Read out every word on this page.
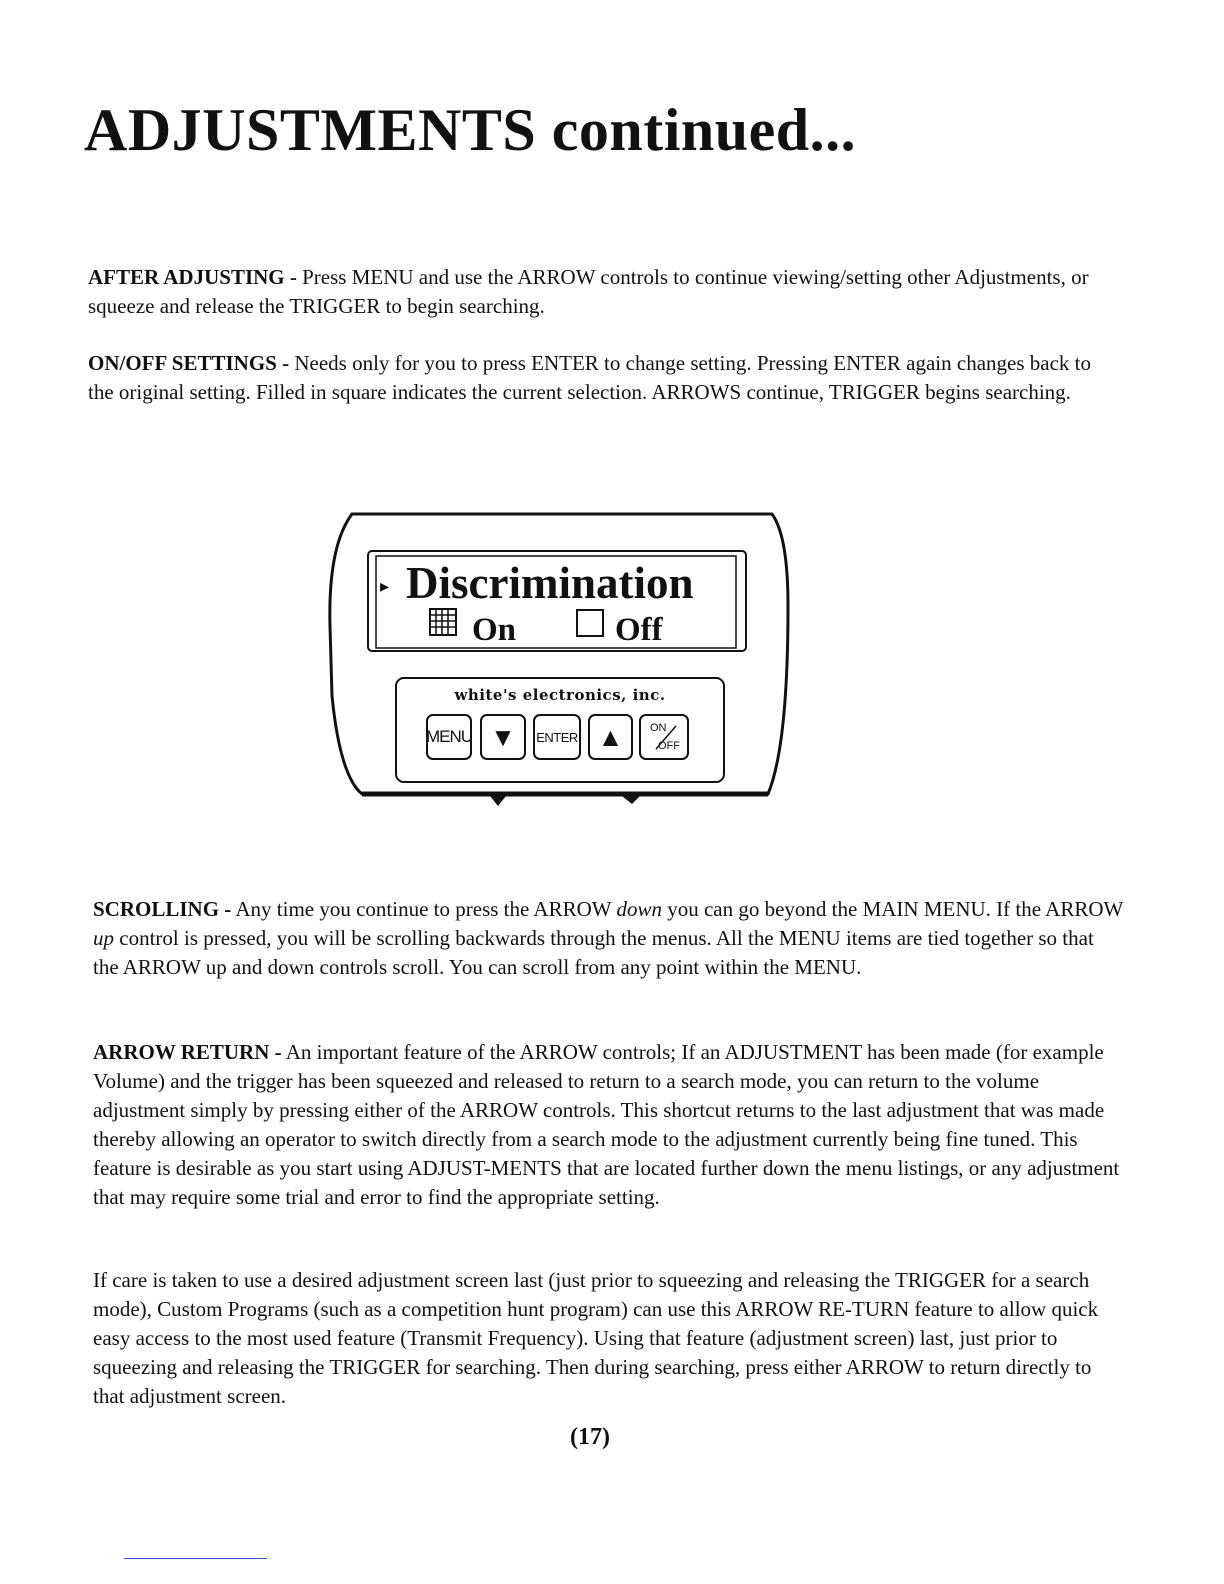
ADJUSTMENTS continued...

AFTER ADJUSTING - Press MENU and use the ARROW controls to continue viewing/setting other Adjustments, or squeeze and release the TRIGGER to begin searching.

ON/OFF SETTINGS - Needs only for you to press ENTER to change setting. Pressing ENTER again changes back to the original setting. Filled in square indicates the current selection. ARROWS continue, TRIGGER begins searching.

▸ Discrimination
On	Off
white's electronics, inc.
MENU ▼ ENTER ▲ ON
OFF

SCROLLING - Any time you continue to press the ARROW down you can go beyond the MAIN MENU. If the ARROW up control is pressed, you will be scrolling backwards through the menus. All the MENU items are tied together so that the ARROW up and down controls scroll. You can scroll from any point within the MENU.

ARROW RETURN - An important feature of the ARROW controls; If an ADJUSTMENT has been made (for example Volume) and the trigger has been squeezed and released to return to a search mode, you can return to the volume adjustment simply by pressing either of the ARROW controls. This shortcut returns to the last adjustment that was made thereby allowing an operator to switch directly from a search mode to the adjustment currently being fine tuned. This feature is desirable as you start using ADJUST-MENTS that are located further down the menu listings, or any adjustment that may require some trial and error to find the appropriate setting.

If care is taken to use a desired adjustment screen last (just prior to squeezing and releasing the TRIGGER for a search mode), Custom Programs (such as a competition hunt program) can use this ARROW RE-TURN feature to allow quick easy access to the most used feature (Transmit Frequency). Using that feature (adjustment screen) last, just prior to squeezing and releasing the TRIGGER for searching. Then during searching, press either ARROW to return directly to that adjustment screen.

(17)
